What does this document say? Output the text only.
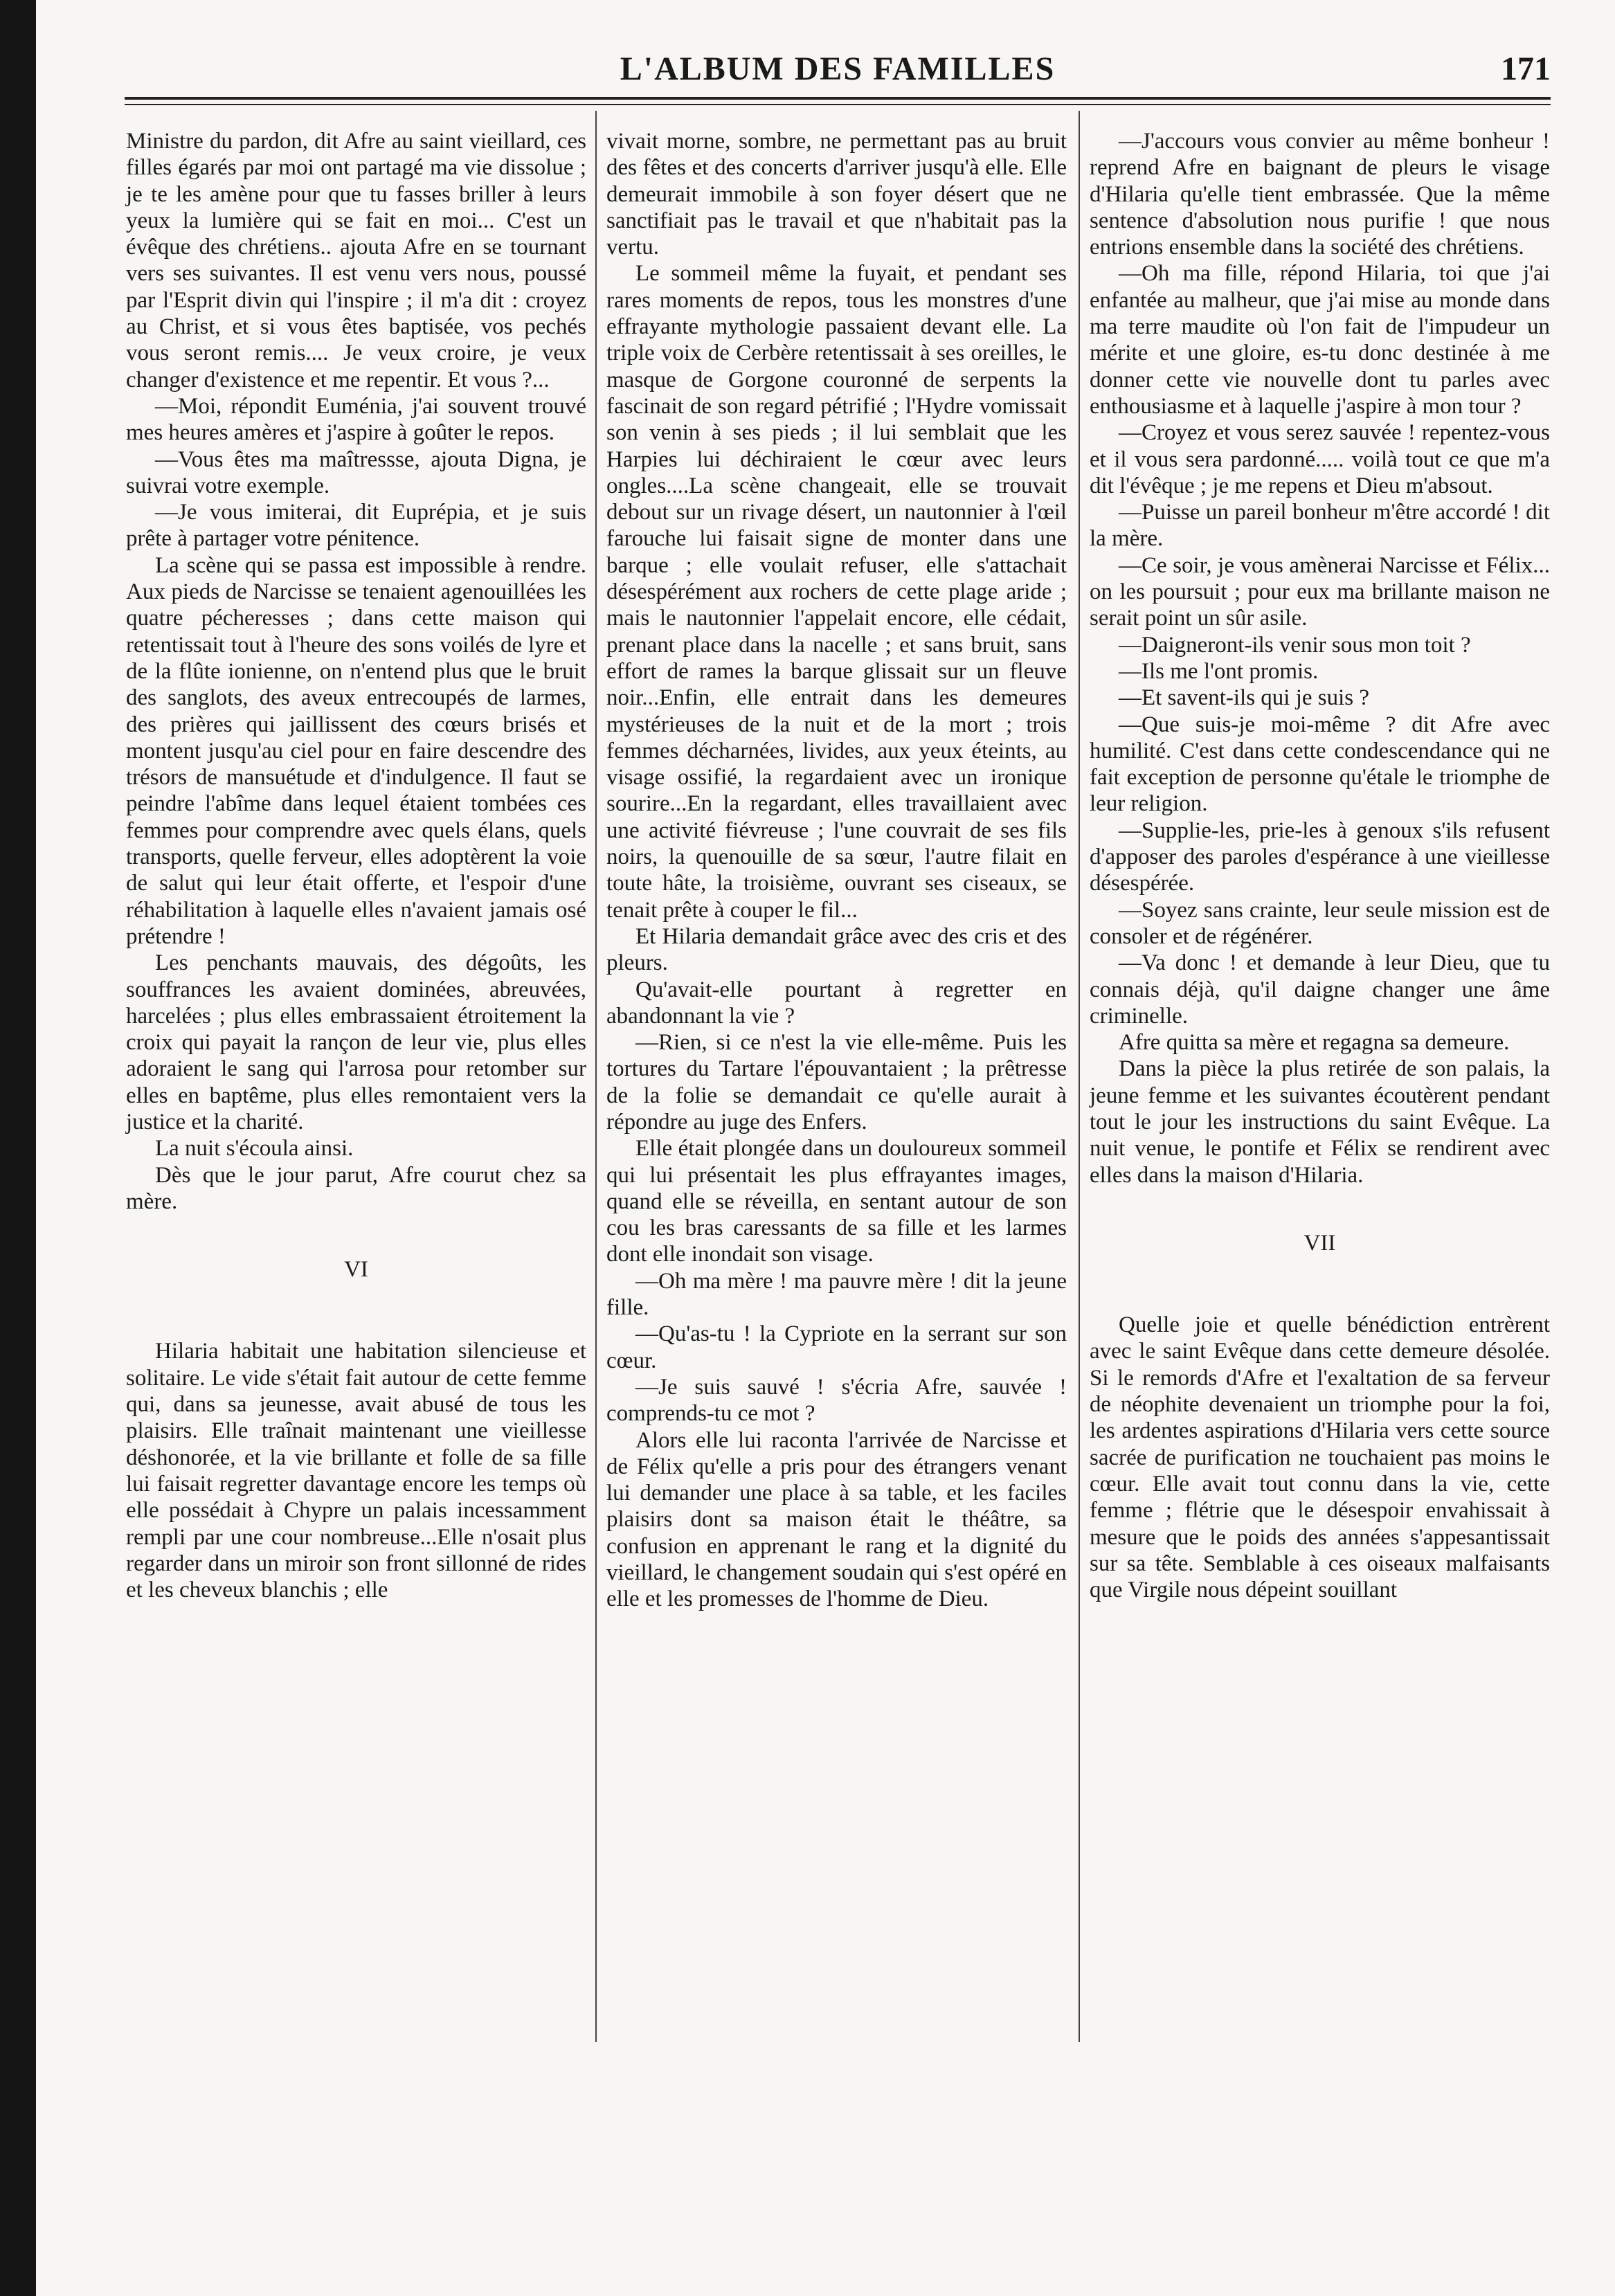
L'ALBUM DES FAMILLES	171

Ministre du pardon, dit Afre au saint vieillard, ces filles égarés par moi ont partagé ma vie dissolue ; je te les amène pour que tu fasses briller à leurs yeux la lumière qui se fait en moi... C'est un évêque des chrétiens.. ajouta Afre en se tournant vers ses suivantes. Il est venu vers nous, poussé par l'Esprit divin qui l'inspire ; il m'a dit : croyez au Christ, et si vous êtes baptisée, vos pechés vous seront remis.... Je veux croire, je veux changer d'existence et me repentir. Et vous ?...

—Moi, répondit Euménia, j'ai souvent trouvé mes heures amères et j'aspire à goûter le repos.

—Vous êtes ma maîtressse, ajouta Digna, je suivrai votre exemple.

—Je vous imiterai, dit Euprépia, et je suis prête à partager votre pénitence.

La scène qui se passa est impossible à rendre. Aux pieds de Narcisse se tenaient agenouillées les quatre pécheresses ; dans cette maison qui retentissait tout à l'heure des sons voilés de lyre et de la flûte ionienne, on n'entend plus que le bruit des sanglots, des aveux entrecoupés de larmes, des prières qui jaillissent des cœurs brisés et montent jusqu'au ciel pour en faire descendre des trésors de mansuétude et d'indulgence. Il faut se peindre l'abîme dans lequel étaient tombées ces femmes pour comprendre avec quels élans, quels transports, quelle ferveur, elles adoptèrent la voie de salut qui leur était offerte, et l'espoir d'une réhabilitation à laquelle elles n'avaient jamais osé prétendre !

Les penchants mauvais, des dégoûts, les souffrances les avaient dominées, abreuvées, harcelées ; plus elles embrassaient étroitement la croix qui payait la rançon de leur vie, plus elles adoraient le sang qui l'arrosa pour retomber sur elles en baptême, plus elles remontaient vers la justice et la charité.

La nuit s'écoula ainsi.

Dès que le jour parut, Afre courut chez sa mère.

VI

Hilaria habitait une habitation silencieuse et solitaire. Le vide s'était fait autour de cette femme qui, dans sa jeunesse, avait abusé de tous les plaisirs. Elle traînait maintenant une vieillesse déshonorée, et la vie brillante et folle de sa fille lui faisait regretter davantage encore les temps où elle possédait à Chypre un palais incessamment rempli par une cour nombreuse...Elle n'osait plus regarder dans un miroir son front sillonné de rides et les cheveux blanchis ; elle

vivait morne, sombre, ne permettant pas au bruit des fêtes et des concerts d'arriver jusqu'à elle. Elle demeurait immobile à son foyer désert que ne sanctifiait pas le travail et que n'habitait pas la vertu.

Le sommeil même la fuyait, et pendant ses rares moments de repos, tous les monstres d'une effrayante mythologie passaient devant elle. La triple voix de Cerbère retentissait à ses oreilles, le masque de Gorgone couronné de serpents la fascinait de son regard pétrifié ; l'Hydre vomissait son venin à ses pieds ; il lui semblait que les Harpies lui déchiraient le cœur avec leurs ongles....La scène changeait, elle se trouvait debout sur un rivage désert, un nautonnier à l'œil farouche lui faisait signe de monter dans une barque ; elle voulait refuser, elle s'attachait désespérément aux rochers de cette plage aride ; mais le nautonnier l'appelait encore, elle cédait, prenant place dans la nacelle ; et sans bruit, sans effort de rames la barque glissait sur un fleuve noir...Enfin, elle entrait dans les demeures mystérieuses de la nuit et de la mort ; trois femmes décharnées, livides, aux yeux éteints, au visage ossifié, la regardaient avec un ironique sourire...En la regardant, elles travaillaient avec une activité fiévreuse ; l'une couvrait de ses fils noirs, la quenouille de sa sœur, l'autre filait en toute hâte, la troisième, ouvrant ses ciseaux, se tenait prête à couper le fil...

Et Hilaria demandait grâce avec des cris et des pleurs.

Qu'avait-elle pourtant à regretter en abandonnant la vie ?

—Rien, si ce n'est la vie elle-même. Puis les tortures du Tartare l'épouvantaient ; la prêtresse de la folie se demandait ce qu'elle aurait à répondre au juge des Enfers.

Elle était plongée dans un douloureux sommeil qui lui présentait les plus effrayantes images, quand elle se réveilla, en sentant autour de son cou les bras caressants de sa fille et les larmes dont elle inondait son visage.

—Oh ma mère ! ma pauvre mère ! dit la jeune fille.

—Qu'as-tu ! la Cypriote en la serrant sur son cœur.

—Je suis sauvé ! s'écria Afre, sauvée ! comprends-tu ce mot ?

Alors elle lui raconta l'arrivée de Narcisse et de Félix qu'elle a pris pour des étrangers venant lui demander une place à sa table, et les faciles plaisirs dont sa maison était le théâtre, sa confusion en apprenant le rang et la dignité du vieillard, le changement soudain qui s'est opéré en elle et les promesses de l'homme de Dieu.

—J'accours vous convier au même bonheur ! reprend Afre en baignant de pleurs le visage d'Hilaria qu'elle tient embrassée. Que la même sentence d'absolution nous purifie ! que nous entrions ensemble dans la société des chrétiens.

—Oh ma fille, répond Hilaria, toi que j'ai enfantée au malheur, que j'ai mise au monde dans ma terre maudite où l'on fait de l'impudeur un mérite et une gloire, es-tu donc destinée à me donner cette vie nouvelle dont tu parles avec enthousiasme et à laquelle j'aspire à mon tour ?

—Croyez et vous serez sauvée ! repentez-vous et il vous sera pardonné..... voilà tout ce que m'a dit l'évêque ; je me repens et Dieu m'absout.

—Puisse un pareil bonheur m'être accordé ! dit la mère.

—Ce soir, je vous amènerai Narcisse et Félix... on les poursuit ; pour eux ma brillante maison ne serait point un sûr asile.

—Daigneront-ils venir sous mon toit ?

—Ils me l'ont promis.

—Et savent-ils qui je suis ?

—Que suis-je moi-même ? dit Afre avec humilité. C'est dans cette condescendance qui ne fait exception de personne qu'étale le triomphe de leur religion.

—Supplie-les, prie-les à genoux s'ils refusent d'apposer des paroles d'espérance à une vieillesse désespérée.

—Soyez sans crainte, leur seule mission est de consoler et de régénérer.

—Va donc ! et demande à leur Dieu, que tu connais déjà, qu'il daigne changer une âme criminelle.

Afre quitta sa mère et regagna sa demeure.

Dans la pièce la plus retirée de son palais, la jeune femme et les suivantes écoutèrent pendant tout le jour les instructions du saint Evêque. La nuit venue, le pontife et Félix se rendirent avec elles dans la maison d'Hilaria.

VII

Quelle joie et quelle bénédiction entrèrent avec le saint Evêque dans cette demeure désolée. Si le remords d'Afre et l'exaltation de sa ferveur de néophite devenaient un triomphe pour la foi, les ardentes aspirations d'Hilaria vers cette source sacrée de purification ne touchaient pas moins le cœur. Elle avait tout connu dans la vie, cette femme ; flétrie que le désespoir envahissait à mesure que le poids des années s'appesantissait sur sa tête. Semblable à ces oiseaux malfaisants que Virgile nous dépeint souillant
